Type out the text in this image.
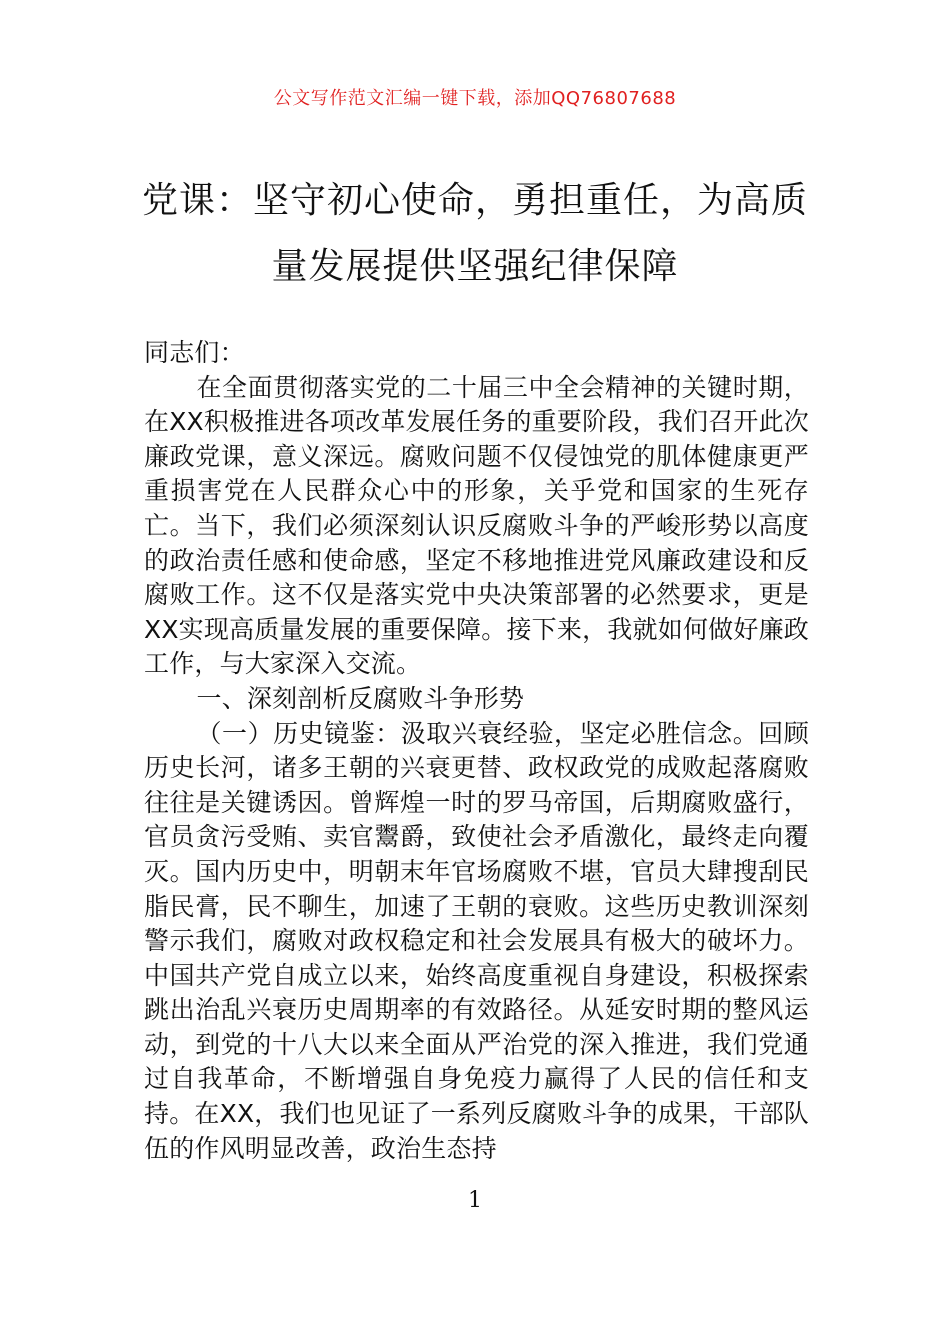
公文写作范文汇编一键下载，添加QQ76807688
党课：坚守初心使命，勇担重任，为高质
量发展提供坚强纪律保障

同志们：

在全面贯彻落实党的二十届三中全会精神的关键时期，在XX积极推进各项改革发展任务的重要阶段，我们召开此次廉政党课，意义深远。腐败问题不仅侵蚀党的肌体健康更严重损害党在人民群众心中的形象，关乎党和国家的生死存亡。当下，我们必须深刻认识反腐败斗争的严峻形势以高度的政治责任感和使命感，坚定不移地推进党风廉政建设和反腐败工作。这不仅是落实党中央决策部署的必然要求，更是XX实现高质量发展的重要保障。接下来，我就如何做好廉政工作，与大家深入交流。

一、深刻剖析反腐败斗争形势

（一）历史镜鉴：汲取兴衰经验，坚定必胜信念。回顾历史长河，诸多王朝的兴衰更替、政权政党的成败起落腐败往往是关键诱因。曾辉煌一时的罗马帝国，后期腐败盛行，官员贪污受贿、卖官鬻爵，致使社会矛盾激化，最终走向覆灭。国内历史中，明朝末年官场腐败不堪，官员大肆搜刮民脂民膏，民不聊生，加速了王朝的衰败。这些历史教训深刻警示我们，腐败对政权稳定和社会发展具有极大的破坏力。中国共产党自成立以来，始终高度重视自身建设，积极探索跳出治乱兴衰历史周期率的有效路径。从延安时期的整风运动，到党的十八大以来全面从严治党的深入推进，我们党通过自我革命，不断增强自身免疫力赢得了人民的信任和支持。在XX，我们也见证了一系列反腐败斗争的成果，干部队伍的作风明显改善，政治生态持

1
